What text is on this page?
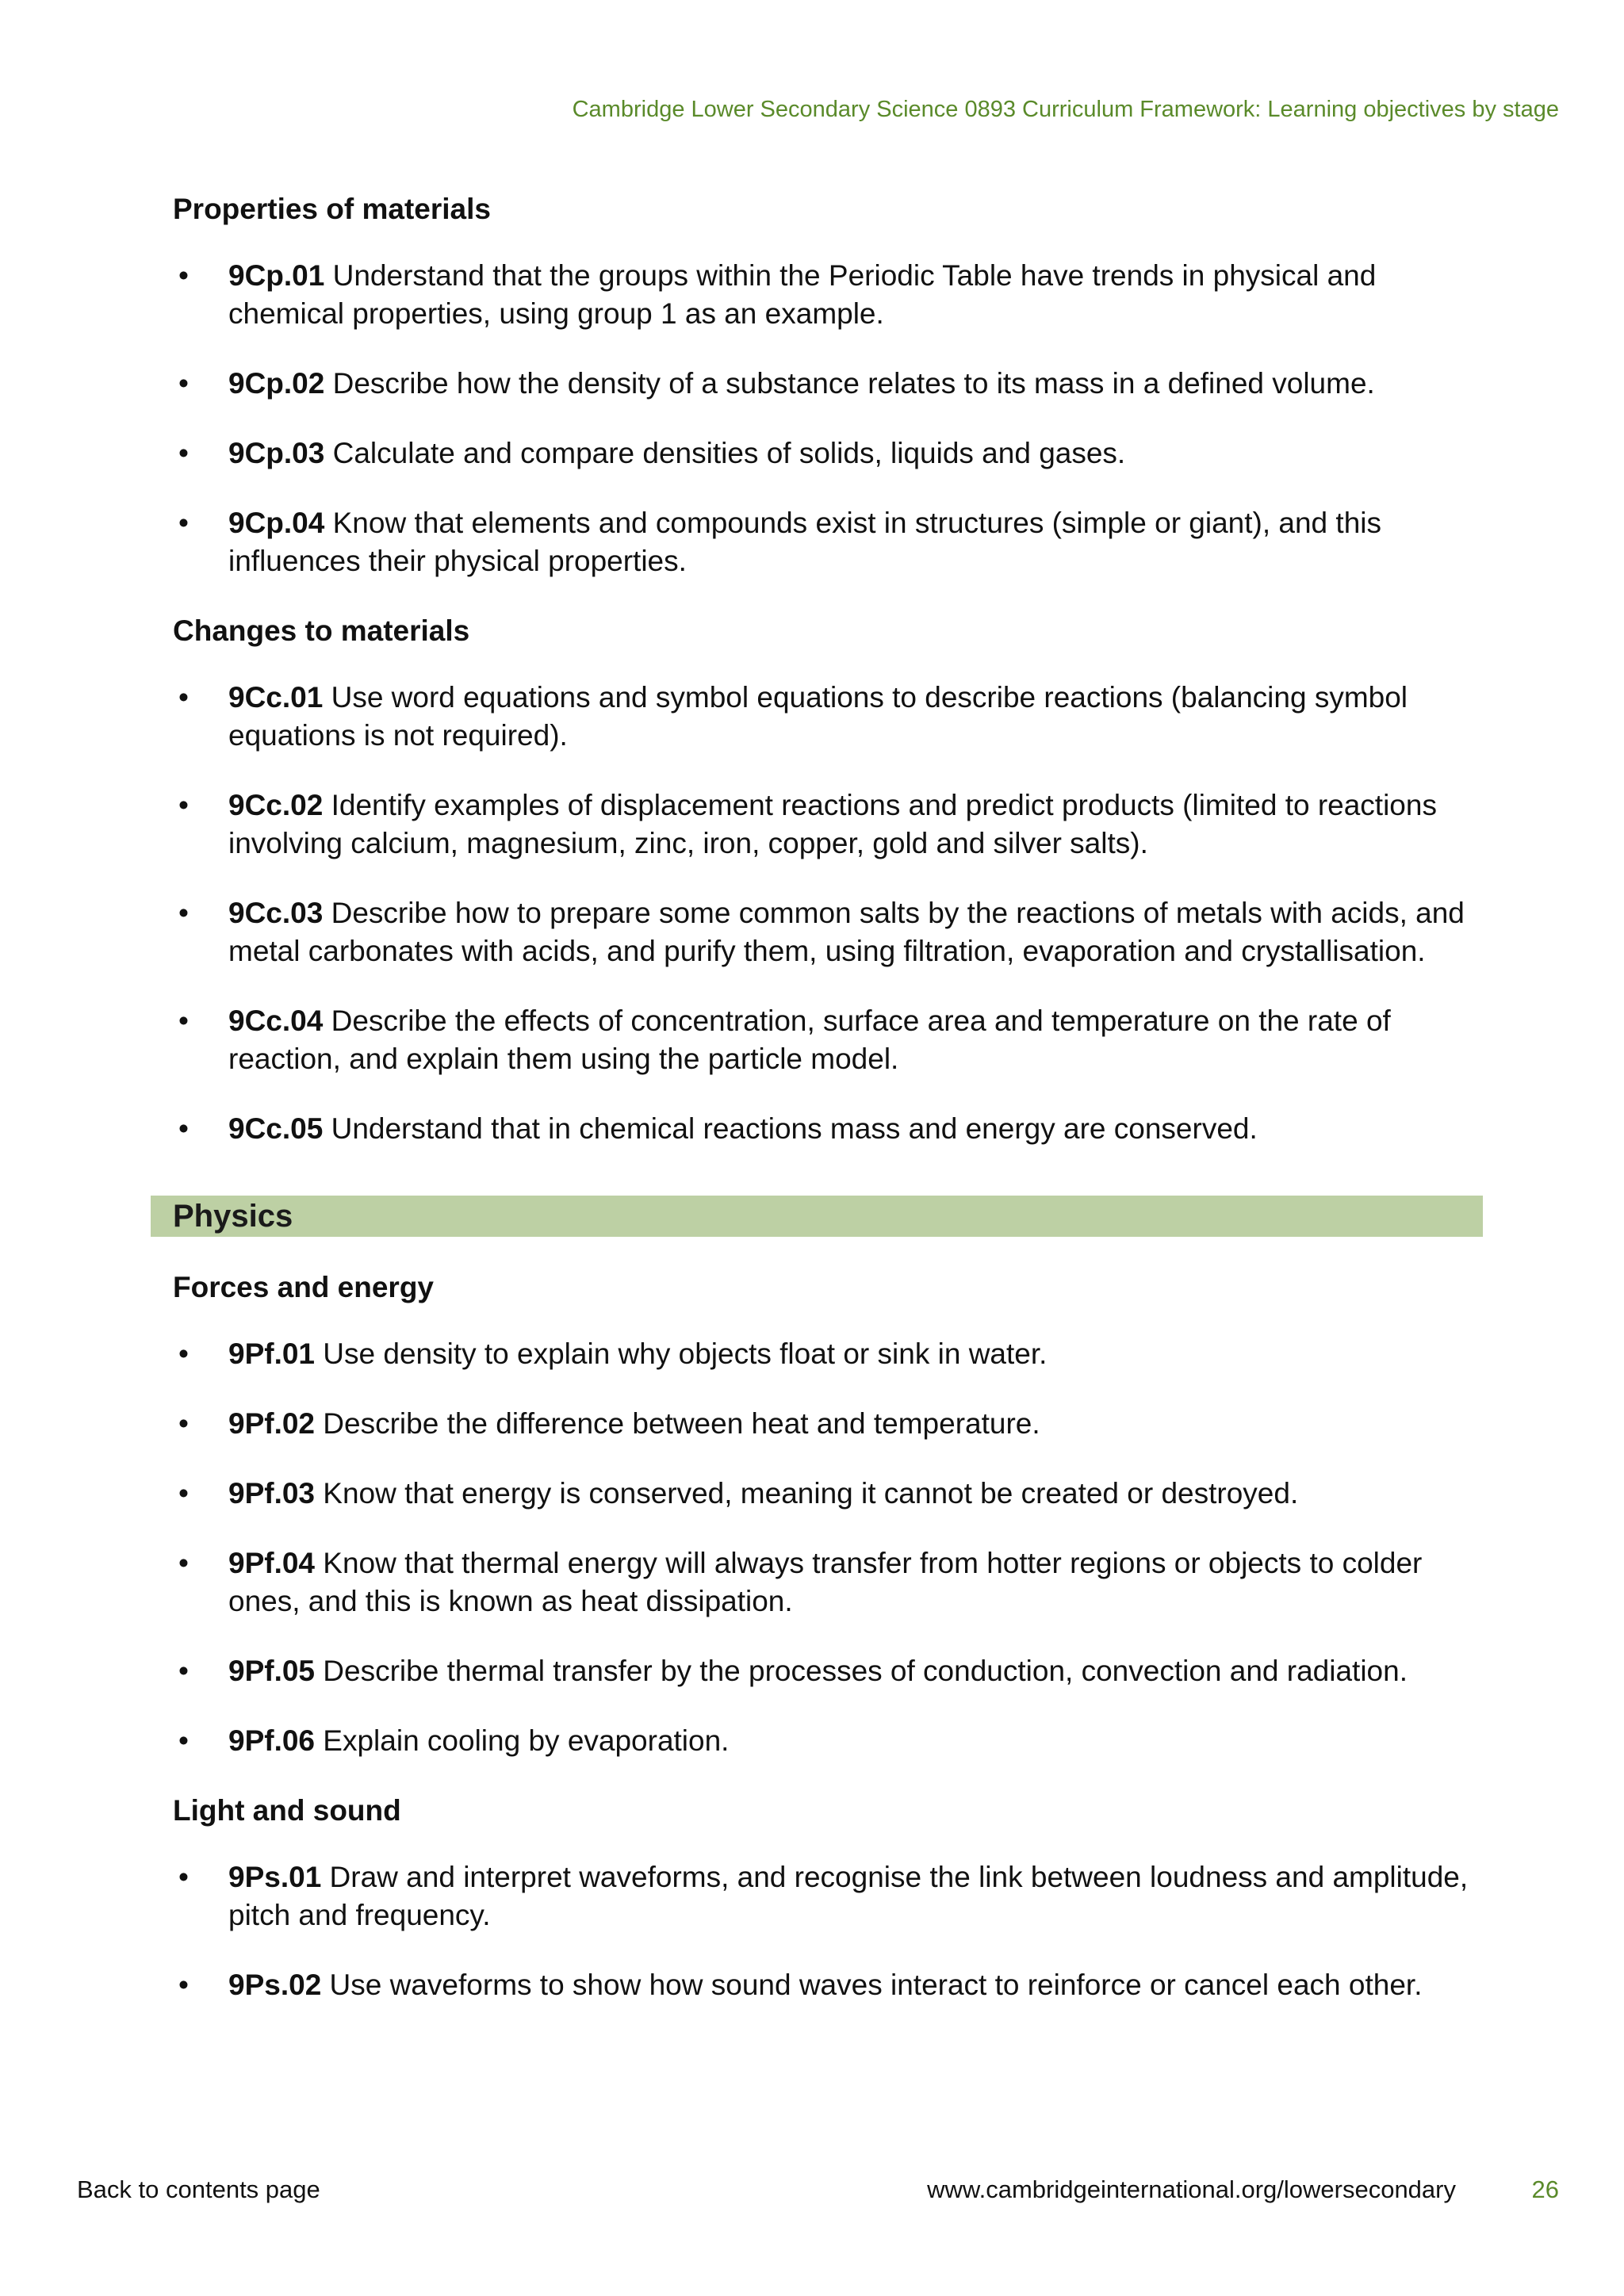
Cambridge Lower Secondary Science 0893 Curriculum Framework: Learning objectives by stage
Properties of materials
• 9Cp.01 Understand that the groups within the Periodic Table have trends in physical and chemical properties, using group 1 as an example.
• 9Cp.02 Describe how the density of a substance relates to its mass in a defined volume.
• 9Cp.03 Calculate and compare densities of solids, liquids and gases.
• 9Cp.04 Know that elements and compounds exist in structures (simple or giant), and this influences their physical properties.
Changes to materials
• 9Cc.01 Use word equations and symbol equations to describe reactions (balancing symbol equations is not required).
• 9Cc.02 Identify examples of displacement reactions and predict products (limited to reactions involving calcium, magnesium, zinc, iron, copper, gold and silver salts).
• 9Cc.03 Describe how to prepare some common salts by the reactions of metals with acids, and metal carbonates with acids, and purify them, using filtration, evaporation and crystallisation.
• 9Cc.04 Describe the effects of concentration, surface area and temperature on the rate of reaction, and explain them using the particle model.
• 9Cc.05 Understand that in chemical reactions mass and energy are conserved.
Physics
Forces and energy
• 9Pf.01 Use density to explain why objects float or sink in water.
• 9Pf.02 Describe the difference between heat and temperature.
• 9Pf.03 Know that energy is conserved, meaning it cannot be created or destroyed.
• 9Pf.04 Know that thermal energy will always transfer from hotter regions or objects to colder ones, and this is known as heat dissipation.
• 9Pf.05 Describe thermal transfer by the processes of conduction, convection and radiation.
• 9Pf.06 Explain cooling by evaporation.
Light and sound
• 9Ps.01 Draw and interpret waveforms, and recognise the link between loudness and amplitude, pitch and frequency.
• 9Ps.02 Use waveforms to show how sound waves interact to reinforce or cancel each other.
Back to contents page	www.cambridgeinternational.org/lowersecondary	26
